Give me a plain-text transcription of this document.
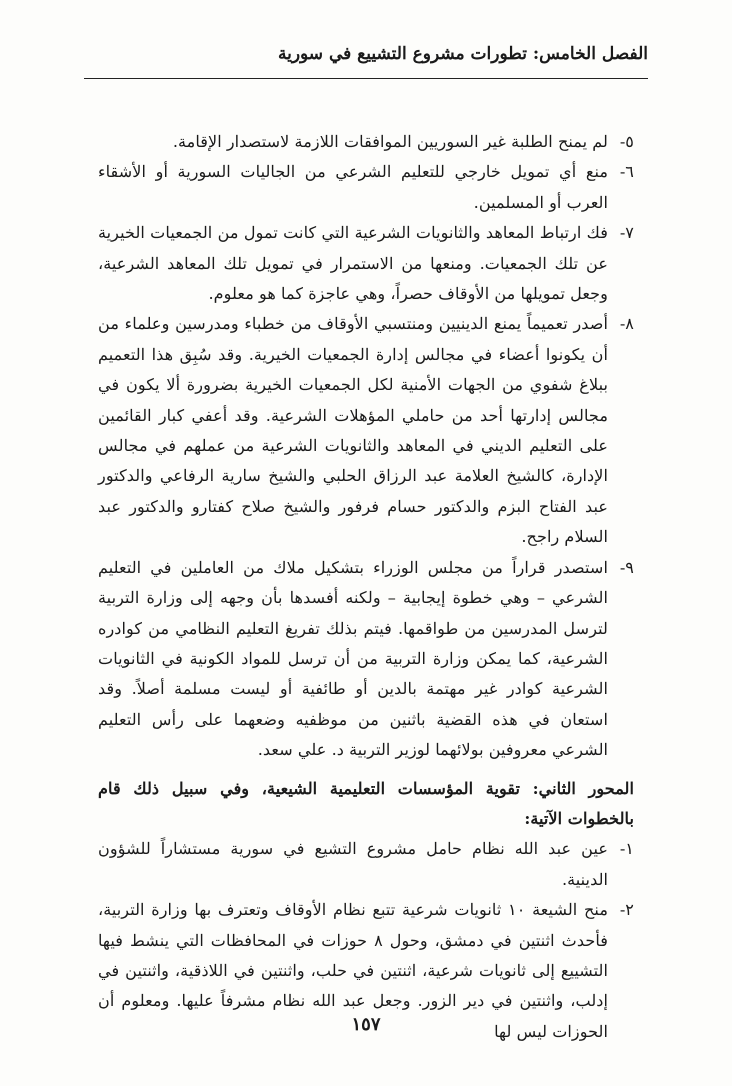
الفصل الخامس: تطورات مشروع التشييع في سورية

٥-
لم يمنح الطلبة غير السوريين الموافقات اللازمة لاستصدار الإقامة.

٦-
منع أي تمويل خارجي للتعليم الشرعي من الجاليات السورية أو الأشقاء العرب أو المسلمين.

٧-
فك ارتباط المعاهد والثانويات الشرعية التي كانت تمول من الجمعيات الخيرية عن تلك الجمعيات. ومنعها من الاستمرار في تمويل تلك المعاهد الشرعية، وجعل تمويلها من الأوقاف حصراً، وهي عاجزة كما هو معلوم.

٨-
أصدر تعميماً يمنع الدينيين ومنتسبي الأوقاف من خطباء ومدرسين وعلماء من أن يكونوا أعضاء في مجالس إدارة الجمعيات الخيرية. وقد سُبِق هذا التعميم ببلاغ شفوي من الجهات الأمنية لكل الجمعيات الخيرية بضرورة ألا يكون في مجالس إدارتها أحد من حاملي المؤهلات الشرعية. وقد أعفي كبار القائمين على التعليم الديني في المعاهد والثانويات الشرعية من عملهم في مجالس الإدارة، كالشيخ العلامة عبد الرزاق الحلبي والشيخ سارية الرفاعي والدكتور عبد الفتاح البزم والدكتور حسام فرفور والشيخ صلاح كفتارو والدكتور عبد السلام راجح.

٩-
استصدر قراراً من مجلس الوزراء بتشكيل ملاك من العاملين في التعليم الشرعي – وهي خطوة إيجابية – ولكنه أفسدها بأن وجهه إلى وزارة التربية لترسل المدرسين من طواقمها. فيتم بذلك تفريغ التعليم النظامي من كوادره الشرعية، كما يمكن وزارة التربية من أن ترسل للمواد الكونية في الثانويات الشرعية كوادر غير مهتمة بالدين أو طائفية أو ليست مسلمة أصلاً. وقد استعان في هذه القضية باثنين من موظفيه وضعهما على رأس التعليم الشرعي معروفين بولائهما لوزير التربية د. علي سعد.

المحور الثاني: تقوية المؤسسات التعليمية الشيعية، وفي سبيل ذلك قام بالخطوات الآتية:

١-
عين عبد الله نظام حامل مشروع التشيع في سورية مستشاراً للشؤون الدينية.

٢-
منح الشيعة ١٠ ثانويات شرعية تتبع نظام الأوقاف وتعترف بها وزارة التربية، فأحدث اثنتين في دمشق، وحول ٨ حوزات في المحافظات التي ينشط فيها التشييع إلى ثانويات شرعية، اثنتين في حلب، واثنتين في اللاذقية، واثنتين في إدلب، واثنتين في دير الزور. وجعل عبد الله نظام مشرفاً عليها. ومعلوم أن الحوزات ليس لها

١٥٧
